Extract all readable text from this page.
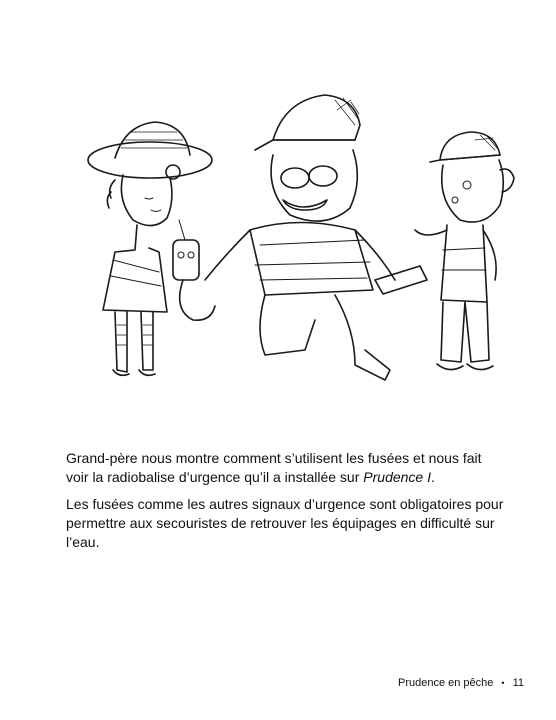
Grand-père nous montre comment s’utilisent les fusées et nous fait voir la radiobalise d’urgence qu’il a installée sur Prudence I.

Les fusées comme les autres signaux d’urgence sont obligatoires pour permettre aux secouristes de retrouver les équipages en difficulté sur l’eau.

Prudence en pêche • 11
